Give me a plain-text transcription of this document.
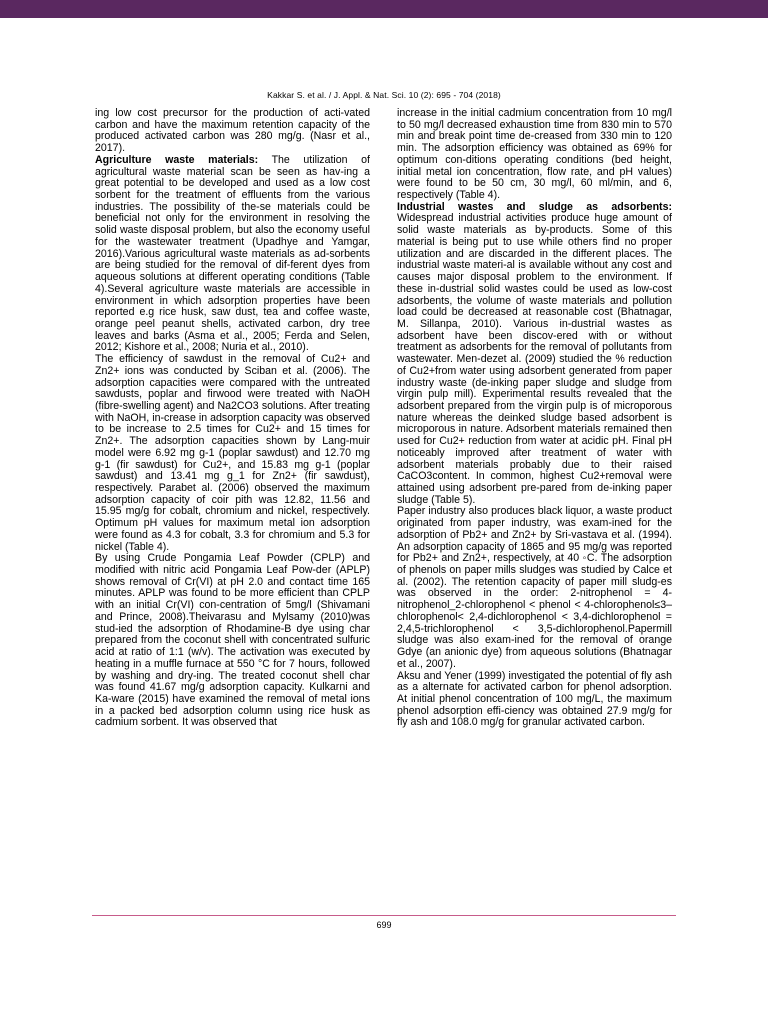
Kakkar S. et al. / J. Appl. & Nat. Sci. 10 (2): 695 - 704 (2018)

ing low cost precursor for the production of acti-vated carbon and have the maximum retention capacity of the produced activated carbon was 280 mg/g. (Nasr et al., 2017).

Agriculture waste materials: The utilization of agricultural waste material scan be seen as hav-ing a great potential to be developed and used as a low cost sorbent for the treatment of effluents from the various industries. The possibility of the-se materials could be beneficial not only for the environment in resolving the solid waste disposal problem, but also the economy useful for the wastewater treatment (Upadhye and Yamgar, 2016).Various agricultural waste materials as ad-sorbents are being studied for the removal of dif-ferent dyes from aqueous solutions at different operating conditions (Table 4).Several agriculture waste materials are accessible in environment in which adsorption properties have been reported e.g rice husk, saw dust, tea and coffee waste, orange peel peanut shells, activated carbon, dry tree leaves and barks (Asma et al., 2005; Ferda and Selen, 2012; Kishore et al., 2008; Nuria et al., 2010).

The efficiency of sawdust in the removal of Cu2+ and Zn2+ ions was conducted by Sciban et al. (2006). The adsorption capacities were compared with the untreated sawdusts, poplar and firwood were treated with NaOH (fibre-swelling agent) and Na2CO3 solutions. After treating with NaOH, in-crease in adsorption capacity was observed to be increase to 2.5 times for Cu2+ and 15 times for Zn2+. The adsorption capacities shown by Lang-muir model were 6.92 mg g-1 (poplar sawdust) and 12.70 mg g-1 (fir sawdust) for Cu2+, and 15.83 mg g-1 (poplar sawdust) and 13.41 mg g_1 for Zn2+ (fir sawdust), respectively. Parabet al. (2006) observed the maximum adsorption capacity of coir pith was 12.82, 11.56 and 15.95 mg/g for cobalt, chromium and nickel, respectively. Optimum pH values for maximum metal ion adsorption were found as 4.3 for cobalt, 3.3 for chromium and 5.3 for nickel (Table 4).

By using Crude Pongamia Leaf Powder (CPLP) and modified with nitric acid Pongamia Leaf Pow-der (APLP) shows removal of Cr(VI) at pH 2.0 and contact time 165 minutes. APLP was found to be more efficient than CPLP with an initial Cr(VI) con-centration of 5mg/l (Shivamani and Prince, 2008).Theivarasu and Mylsamy (2010)was stud-ied the adsorption of Rhodamine-B dye using char prepared from the coconut shell with concentrated sulfuric acid at ratio of 1:1 (w/v). The activation was executed by heating in a muffle furnace at 550 °C for 7 hours, followed by washing and dry-ing. The treated coconut shell char was found 41.67 mg/g adsorption capacity. Kulkarni and Ka-ware (2015) have examined the removal of metal ions in a packed bed adsorption column using rice husk as cadmium sorbent. It was observed that

increase in the initial cadmium concentration from 10 mg/l to 50 mg/l decreased exhaustion time from 830 min to 570 min and break point time de-creased from 330 min to 120 min. The adsorption efficiency was obtained as 69% for optimum con-ditions operating conditions (bed height, initial metal ion concentration, flow rate, and pH values) were found to be 50 cm, 30 mg/l, 60 ml/min, and 6, respectively (Table 4).

Industrial wastes and sludge as adsorbents: Widespread industrial activities produce huge amount of solid waste materials as by-products. Some of this material is being put to use while others find no proper utilization and are discarded in the different places. The industrial waste materi-al is available without any cost and causes major disposal problem to the environment. If these in-dustrial solid wastes could be used as low-cost adsorbents, the volume of waste materials and pollution load could be decreased at reasonable cost (Bhatnagar, M. Sillanpa, 2010). Various in-dustrial wastes as adsorbent have been discov-ered with or without treatment as adsorbents for the removal of pollutants from wastewater. Men-dezet al. (2009) studied the % reduction of Cu2+from water using adsorbent generated from paper industry waste (de-inking paper sludge and sludge from virgin pulp mill). Experimental results revealed that the adsorbent prepared from the virgin pulp is of microporous nature whereas the deinked sludge based adsorbent is microporous in nature. Adsorbent materials remained then used for Cu2+ reduction from water at acidic pH. Final pH noticeably improved after treatment of water with adsorbent materials probably due to their raised CaCO3content. In common, highest Cu2+removal were attained using adsorbent pre-pared from de-inking paper sludge (Table 5).

Paper industry also produces black liquor, a waste product originated from paper industry, was exam-ined for the adsorption of Pb2+ and Zn2+ by Sri-vastava et al. (1994). An adsorption capacity of 1865 and 95 mg/g was reported for Pb2+ and Zn2+, respectively, at 40 ◦C. The adsorption of phenols on paper mills sludges was studied by Calce et al. (2002). The retention capacity of paper mill sludg-es was observed in the order: 2-nitrophenol = 4-nitrophenol_2-chlorophenol < phenol < 4-chlorophenol≤3–chlorophenol< 2,4-dichlorophenol < 3,4-dichlorophenol = 2,4,5-trichlorophenol < 3,5-dichlorophenol.Papermill sludge was also exam-ined for the removal of orange Gdye (an anionic dye) from aqueous solutions (Bhatnagar et al., 2007).

Aksu and Yener (1999) investigated the potential of fly ash as a alternate for activated carbon for phenol adsorption. At initial phenol concentration of 100 mg/L, the maximum phenol adsorption effi-ciency was obtained 27.9 mg/g for fly ash and 108.0 mg/g for granular activated carbon.

699
